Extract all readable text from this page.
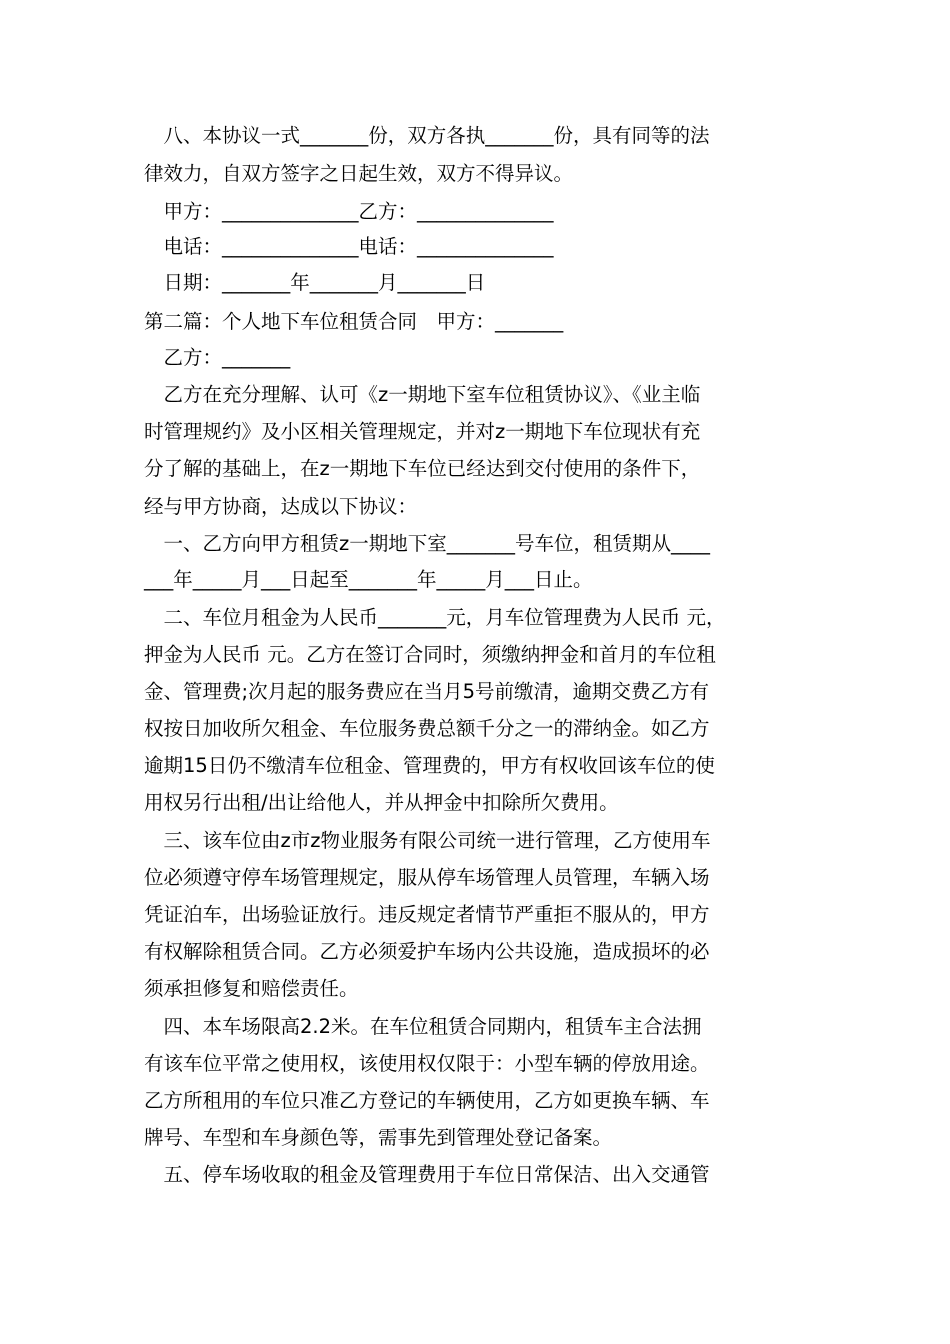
　八、本协议一式_______份，双方各执_______份，具有同等的法

律效力，自双方签字之日起生效，双方不得异议。

　甲方：______________乙方：______________

　电话：______________电话：______________

　日期：_______年_______月_______日

第二篇：个人地下车位租赁合同　甲方：_______

　乙方：_______

　乙方在充分理解、认可《z一期地下室车位租赁协议》、《业主临

时管理规约》及小区相关管理规定，并对z一期地下车位现状有充

分了解的基础上，在z一期地下车位已经达到交付使用的条件下，

经与甲方协商，达成以下协议：

　一、乙方向甲方租赁z一期地下室_______号车位，租赁期从____

___年_____月___日起至_______年_____月___日止。

　二、车位月租金为人民币_______元，月车位管理费为人民币 元，

押金为人民币 元。乙方在签订合同时，须缴纳押金和首月的车位租

金、管理费;次月起的服务费应在当月5号前缴清，逾期交费乙方有

权按日加收所欠租金、车位服务费总额千分之一的滞纳金。如乙方

逾期15日仍不缴清车位租金、管理费的，甲方有权收回该车位的使

用权另行出租/出让给他人，并从押金中扣除所欠费用。

　三、该车位由z市z物业服务有限公司统一进行管理，乙方使用车

位必须遵守停车场管理规定，服从停车场管理人员管理，车辆入场

凭证泊车，出场验证放行。违反规定者情节严重拒不服从的，甲方

有权解除租赁合同。乙方必须爱护车场内公共设施，造成损坏的必

须承担修复和赔偿责任。

　四、本车场限高2.2米。在车位租赁合同期内，租赁车主合法拥

有该车位平常之使用权，该使用权仅限于：小型车辆的停放用途。

乙方所租用的车位只准乙方登记的车辆使用，乙方如更换车辆、车

牌号、车型和车身颜色等，需事先到管理处登记备案。

　五、停车场收取的租金及管理费用于车位日常保洁、出入交通管
